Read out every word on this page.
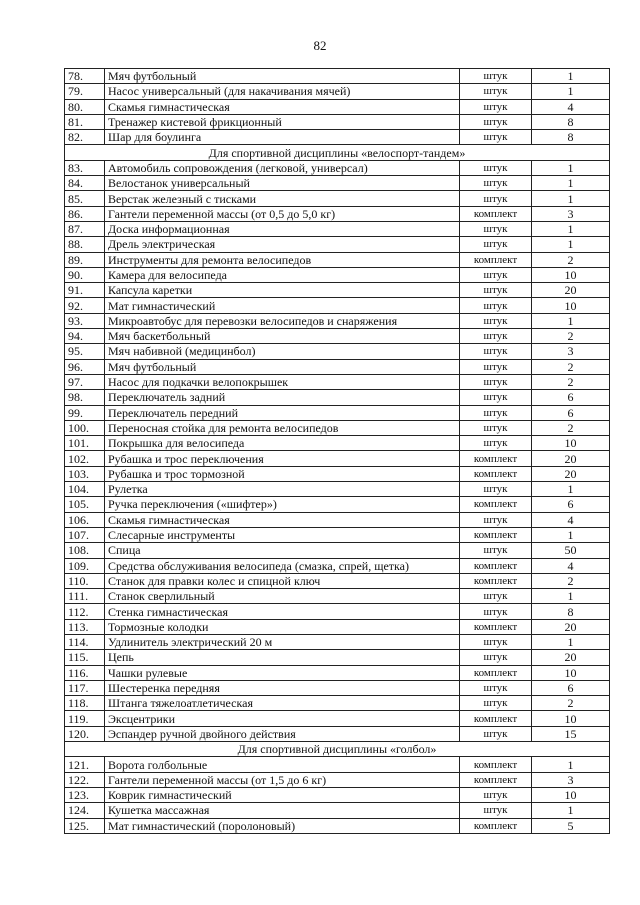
82
78.	Мяч футбольный	штук	1
79.	Насос универсальный (для накачивания мячей)	штук	1
80.	Скамья гимнастическая	штук	4
81.	Тренажер кистевой фрикционный	штук	8
82.	Шар для боулинга	штук	8
Для спортивной дисциплины «велоспорт-тандем»			
83.	Автомобиль сопровождения (легковой, универсал)	штук	1
84.	Велостанок универсальный	штук	1
85.	Верстак железный с тисками	штук	1
86.	Гантели переменной массы (от 0,5 до 5,0 кг)	комплект	3
87.	Доска информационная	штук	1
88.	Дрель электрическая	штук	1
89.	Инструменты для ремонта велосипедов	комплект	2
90.	Камера для велосипеда	штук	10
91.	Капсула каретки	штук	20
92.	Мат гимнастический	штук	10
93.	Микроавтобус для перевозки велосипедов и снаряжения	штук	1
94.	Мяч баскетбольный	штук	2
95.	Мяч набивной (медицинбол)	штук	3
96.	Мяч футбольный	штук	2
97.	Насос для подкачки велопокрышек	штук	2
98.	Переключатель задний	штук	6
99.	Переключатель передний	штук	6
100.	Переносная стойка для ремонта велосипедов	штук	2
101.	Покрышка для велосипеда	штук	10
102.	Рубашка и трос переключения	комплект	20
103.	Рубашка и трос тормозной	комплект	20
104.	Рулетка	штук	1
105.	Ручка переключения («шифтер»)	комплект	6
106.	Скамья гимнастическая	штук	4
107.	Слесарные инструменты	комплект	1
108.	Спица	штук	50
109.	Средства обслуживания велосипеда (смазка, спрей, щетка)	комплект	4
110.	Станок для правки колес и спицной ключ	комплект	2
111.	Станок сверлильный	штук	1
112.	Стенка гимнастическая	штук	8
113.	Тормозные колодки	комплект	20
114.	Удлинитель электрический 20 м	штук	1
115.	Цепь	штук	20
116.	Чашки рулевые	комплект	10
117.	Шестеренка передняя	штук	6
118.	Штанга тяжелоатлетическая	штук	2
119.	Эксцентрики	комплект	10
120.	Эспандер ручной двойного действия	штук	15
Для спортивной дисциплины «голбол»			
121.	Ворота голбольные	комплект	1
122.	Гантели переменной массы (от 1,5 до 6 кг)	комплект	3
123.	Коврик гимнастический	штук	10
124.	Кушетка массажная	штук	1
125.	Мат гимнастический (поролоновый)	комплект	5
